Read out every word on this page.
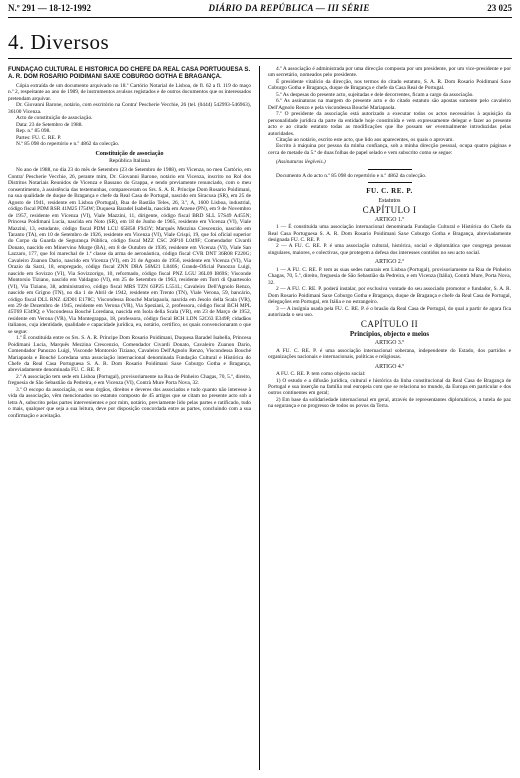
N.º 291 — 18-12-1992	DIÁRIO DA REPÚBLICA — III SÉRIE	23 025
4. Diversos

FUNDAÇÃO CULTURAL E HISTÓRICA DO CHEFE DA REAL CASA PORTUGUESA S. A. R. DOM ROSARIO POIDIMANI SAXE COBURGO GOTHA E BRAGANÇA.

Cópia extraída de um documento arquivado no 18.º Cartório Notarial de Lisboa, de fl. 62 a fl. 119 do maço n.º 2, respeitante ao ano de 1989, de instrumentos avulsos registados e de outros documentos que os interessados pretendam arquivar.

Dr. Giovanni Barone, notário, com escritório na Contra' Pescherie Vecchie, 26 (tel. (0444) 542993-546963), 36100 Vicenza.

Acto de constituição de associação.

Data: 23 de Setembro de 1988.

Rep. n.º 85 098.

Partes: FU. C. RE. P.

N.º 85 098 do repertório e n.º 4862 da colecção.

Constituição de associação

República Italiana

No ano de 1988, no dia 23 do mês de Setembro (23 de Setembro de 1988), em Vicenza, no meu Cartório, em Contra' Pescherie Vecchie, 26, perante mim, Dr. Giovanni Barone, notário em Vicenza, inscrito no Rol dos Distritos Notariais Reunidos de Vicenza e Bassano do Grappa, e tendo previamente renunciado, com o meu consentimento, à assistência das testemunhas, compareceram os Srs. S. A. R. Príncipe Dom Rosario Poidimani, na sua qualidade de duque de Bragança e chefe da Real Casa de Portugal, nascido em Siracusa (SR), em 25 de Agosto de 1941, residente em Lisboa (Portugal), Rua de Bastião Teles, 26, 3.º, A, 1600 Lisboa, industrial, código fiscal PDM RSR 41M25 I754W; Duquesa Baradel Isabella, nascida em Arzene (PN), em 9 de Novembro de 1957, residente em Vicenza (VI), Viale Mazzini, 11, dirigente, código fiscal BRD SLL 57S49 A455N; Princesa Poidimani Lucia, nascida em Noto (SR), em 18 de Junho de 1965, residente em Vicenza (VI), Viale Mazzini, 13, estudante, código fiscal PDM LCU 65H58 F943Y; Marquês Mezzina Crescenzio, nascido em Taranto (TA), em 10 de Setembro de 1926, residente em Vicenza (VI), Viale Crispi, 19, que foi oficial superior do Corpo da Guarda de Segurança Pública, código fiscal MZZ CSC 26P10 L049F; Comendador Civardi Donato, nascido em Minervino Murge (BA), em 8 de Outubro de 1936, residente em Vicenza (VI), Viale San Lazzaro, 177, que foi marechal de 1.ª classe da arma de aeronáutica, código fiscal CVR DNT 36R08 F220G; Cavaleiro Zuanon Dario, nascido em Vicenza (VI), em 21 de Agosto de 1956, residente em Vicenza (VI), Via Orazio da Sarzi, 18, empregado, código fiscal ZNN DRA 56M21 L840S; Grande-Oficial Panozzo Luigi, nascido em Sovizzo (VI), Via Sovizzorigo, 10, reformado, código fiscal PNZ LGU 36L09 I869S; Visconde Montorsio Tiziano, nascido em Valdagno (VI), em 25 de Setembro de 1963, residente em Torri di Quartesolo (VI), Via Tiziano, 38, administrativo, código fiscal MRS TZN 63P25 L551L; Cavaleiro Dell'Agnolo Renzo, nascido em Grigno (TN), no dia 1 de Abril de 1942, residente em Trento (TN), Viale Verona, 59, bancário, código fiscal DLL RNZ 42D01 E178C; Viscondessa Bouché Mariapaola, nascida em Jesolo della Scala (VR), em 29 de Dezembro de 1945, residente em Verona (VR), Via Speziani, 2, professora, código fiscal BCH MPL 45T69 E349Q; e Viscondessa Bouché Loredana, nascida em Isola della Scala (VR), em 23 de Março de 1952, residente em Verona (VR), Via Montegrappa, 18, professora, código fiscal BCH LDN 52C63 E349P, cidadãos italianos, cuja identidade, qualidade e capacidade jurídica, eu, notário, certifico, os quais convencionaram o que se segue:

1.º É constituída entre os Srs. S. A. R. Príncipe Dom Rosario Poidimani, Duquesa Baradel Isabella, Princesa Poidimani Lucia, Marquês Mezzina Crescenzio, Comendador Civardi Donato, Cavaleiro Zuanon Dario, Comendador Panozzo Luigi, Visconde Montorsio Tiziano, Cavaleiro Dell'Agnolo Renzo, Viscondessa Bouché Mariapaola e Bouché Loredana uma associação internacional denominada Fundação Cultural e Histórica do Chefe da Real Casa Portuguesa S. A. R. Dom Rosario Poidimani Saxe Coburgo Gotha e Bragança, abreviadamente denominada FU. C. RE. P.

2.º A associação tem sede em Lisboa (Portugal), provisoriamente na Rua de Pinheiro Chagas, 70, 5.º, direito, freguesia de São Sebastião da Pedreira, e em Vicenza (VI), Contrà Mure Porta Nova, 32.

3.º O escopo da associação, os seus órgãos, direitos e deveres dos associados e tudo quanto não interesse à vida da associação, vêm mencionados no estatuto composto de 45 artigos que se citam no presente acto sob a letra A, subscrito pelas partes intervenientes e por mim, notário, previamente lido pelas partes e ratificado, tudo o mais, qualquer que seja a sua leitura, deve por disposição concordada entre as partes, concluindo com a sua confirmação e aceitação.

4.º A associação é administrada por uma direcção composta por um presidente, por um vice-presidente e por um secretário, nomeados pelo presidente.

É presidente vitalício da direcção, nos termos do citado estatuto, S. A. R. Dom Rosario Poidimani Saxe Coburgo Gotha e Bragança, duque de Bragança e chefe da Casa Real de Portugal.

5.º As despesas do presente acto, sujeitadas e dele decorrentes, ficam a cargo da associação.

6.º As assinaturas na margem do presente acto e do citado estatuto são apostas somente pelo cavaleiro Dell'Agnolo Renzo e pela viscondessa Bouché Mariapaola.

7.º O presidente da associação está autorizado a executar todos os actos necessários à aquisição da personalidade jurídica da parte da entidade hoje constituída e vem expressamente delegar e fazer ao presente acto e ao citado estatuto todas as modificações que lhe possam ser eventualmente introduzidas pelas autoridades.

Citação ao notário, escrito este acto, que lido aos aparecentes, os quais o aprovam.

Escrito à máquina por pessoa da minha confiança, sob a minha direcção pessoal, ocupa quatro páginas e cerca de metade da 5.ª de duas folhas de papel selado e vem subscrito como se segue:

(Assinaturas ilegíveis.)

Documento A do acto n.º 85 098 do repertório e n.º 4862 da colecção.

FU. C. RE. P.

Estatutos

CAPÍTULO I

ARTIGO 1.º

1 — É constituída uma associação internacional denominada Fundação Cultural e Histórica do Chefe da Real Casa Portuguesa S. A. R. Dom Rosario Poidimani Saxe Coburgo Gotha e Bragança, abreviadamente designada FU. C. RE. P.

2 — A FU. C. RE. P. é uma associação cultural, histórica, social e diplomática que congrega pessoas singulares, maiores, e colectivas, que protegem a defesa dos interesses contidos no seu acto social.

ARTIGO 2.º

1 — A FU. C. RE. P. tem as suas sedes naturais em Lisboa (Portugal), provisoriamente na Rua de Pinheiro Chagas, 70, 5.º, direito, freguesia de São Sebastião da Pedreira, e em Vicenza (Itália), Contrà Mure, Porta Nova, 32.

2 — A FU. C. RE. P. poderá instalar, por exclusiva vontade do seu associado promotor e fundador, S. A. R. Dom Rosario Poidimani Saxe Coburgo Gotha e Bragança, duque de Bragança e chefe da Real Casa de Portugal, delegações em Portugal, em Itália e no estrangeiro.

3 — A insígnia usada pela FU. C. RE. P. é o brasão da Real Casa de Portugal, do qual a partir de agora fica autorizada o seu uso.

CAPÍTULO II

Princípios, objecto e meios

ARTIGO 3.º

A FU. C. RE. P. é uma associação internacional soberana, independente do Estado, dos partidos e organizações nacionais e internacionais, políticas e religiosas.

ARTIGO 4.º

A FU. C. RE. P. tem como objecto social:

1) O estudo e a difusão jurídica, cultural e histórica da linha constitucional da Real Casa de Bragança de Portugal e sua inserção na família real europeia com que se relaciona no mundo, da Europa em particular e dos outros continentes em geral;

2) Em base da solidariedade internacional em geral, através de representantes diplomáticos, a tutela de paz na segurança e no progresso de todos os povos da Terra.
